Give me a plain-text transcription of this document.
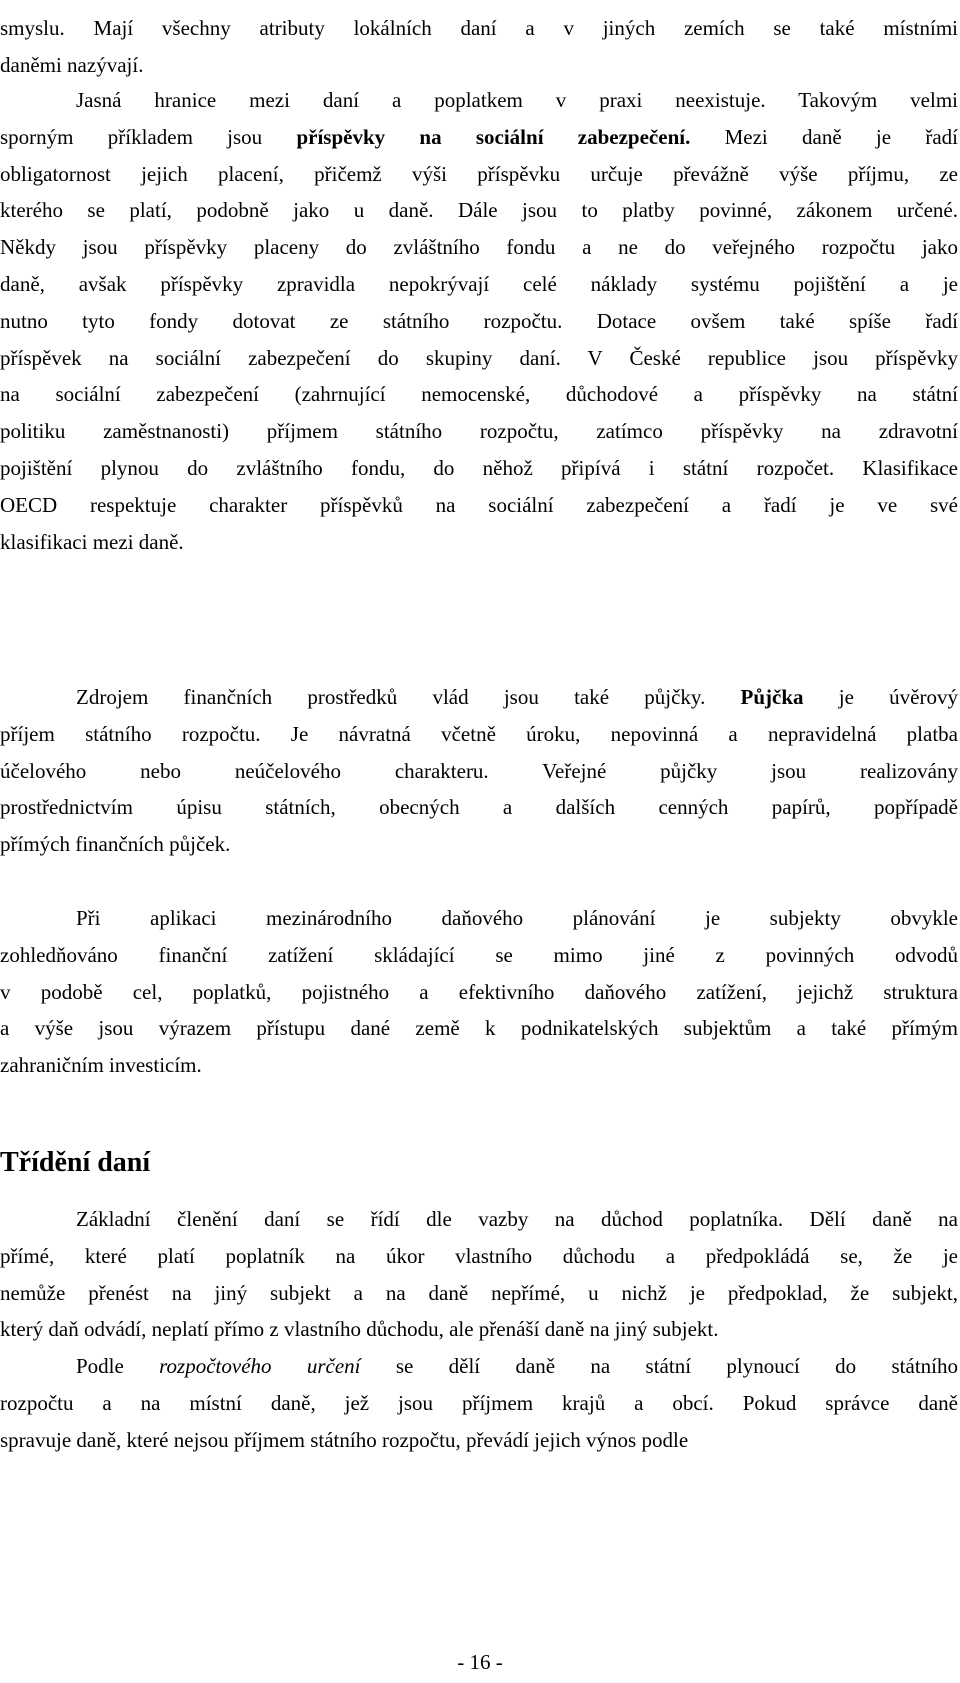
smyslu. Mají všechny atributy lokálních daní a v jiných zemích se také místními
daněmi nazývají.
Jasná hranice mezi daní a poplatkem v praxi neexistuje. Takovým velmi
sporným příkladem jsou příspěvky na sociální zabezpečení. Mezi daně je řadí
obligatornost jejich placení, přičemž výši příspěvku určuje převážně výše příjmu, ze
kterého se platí, podobně jako u daně. Dále jsou to platby povinné, zákonem určené.
Někdy jsou příspěvky placeny do zvláštního fondu a ne do veřejného rozpočtu jako
daně, avšak příspěvky zpravidla nepokrývají celé náklady systému pojištění a je
nutno tyto fondy dotovat ze státního rozpočtu. Dotace ovšem také spíše řadí
příspěvek na sociální zabezpečení do skupiny daní. V České republice jsou příspěvky
na sociální zabezpečení (zahrnující nemocenské, důchodové a příspěvky na státní
politiku zaměstnanosti) příjmem státního rozpočtu, zatímco příspěvky na zdravotní
pojištění plynou do zvláštního fondu, do něhož připívá i státní rozpočet. Klasifikace
OECD respektuje charakter příspěvků na sociální zabezpečení a řadí je ve své
klasifikaci mezi daně.
Zdrojem finančních prostředků vlád jsou také půjčky. Půjčka je úvěrový
příjem státního rozpočtu. Je návratná včetně úroku, nepovinná a nepravidelná platba
účelového nebo neúčelového charakteru. Veřejné půjčky jsou realizovány
prostřednictvím úpisu státních, obecných a dalších cenných papírů, popřípadě
přímých finančních půjček.
Při aplikaci mezinárodního daňového plánování je subjekty obvykle
zohledňováno finanční zatížení skládající se mimo jiné z povinných odvodů
v podobě cel, poplatků, pojistného a efektivního daňového zatížení, jejichž struktura
a výše jsou výrazem přístupu dané země k podnikatelských subjektům a také přímým
zahraničním investicím.
Základní členění daní se řídí dle vazby na důchod poplatníka. Dělí daně na
přímé, které platí poplatník na úkor vlastního důchodu a předpokládá se, že je
nemůže přenést na jiný subjekt a na daně nepřímé, u nichž je předpoklad, že subjekt,
který daň odvádí, neplatí přímo z vlastního důchodu, ale přenáší daně na jiný subjekt.
Podle rozpočtového určení se dělí daně na státní plynoucí do státního
rozpočtu a na místní daně, jež jsou příjmem krajů a obcí. Pokud správce daně
spravuje daně, které nejsou příjmem státního rozpočtu, převádí jejich výnos podle
Třídění daní
- 16 -
